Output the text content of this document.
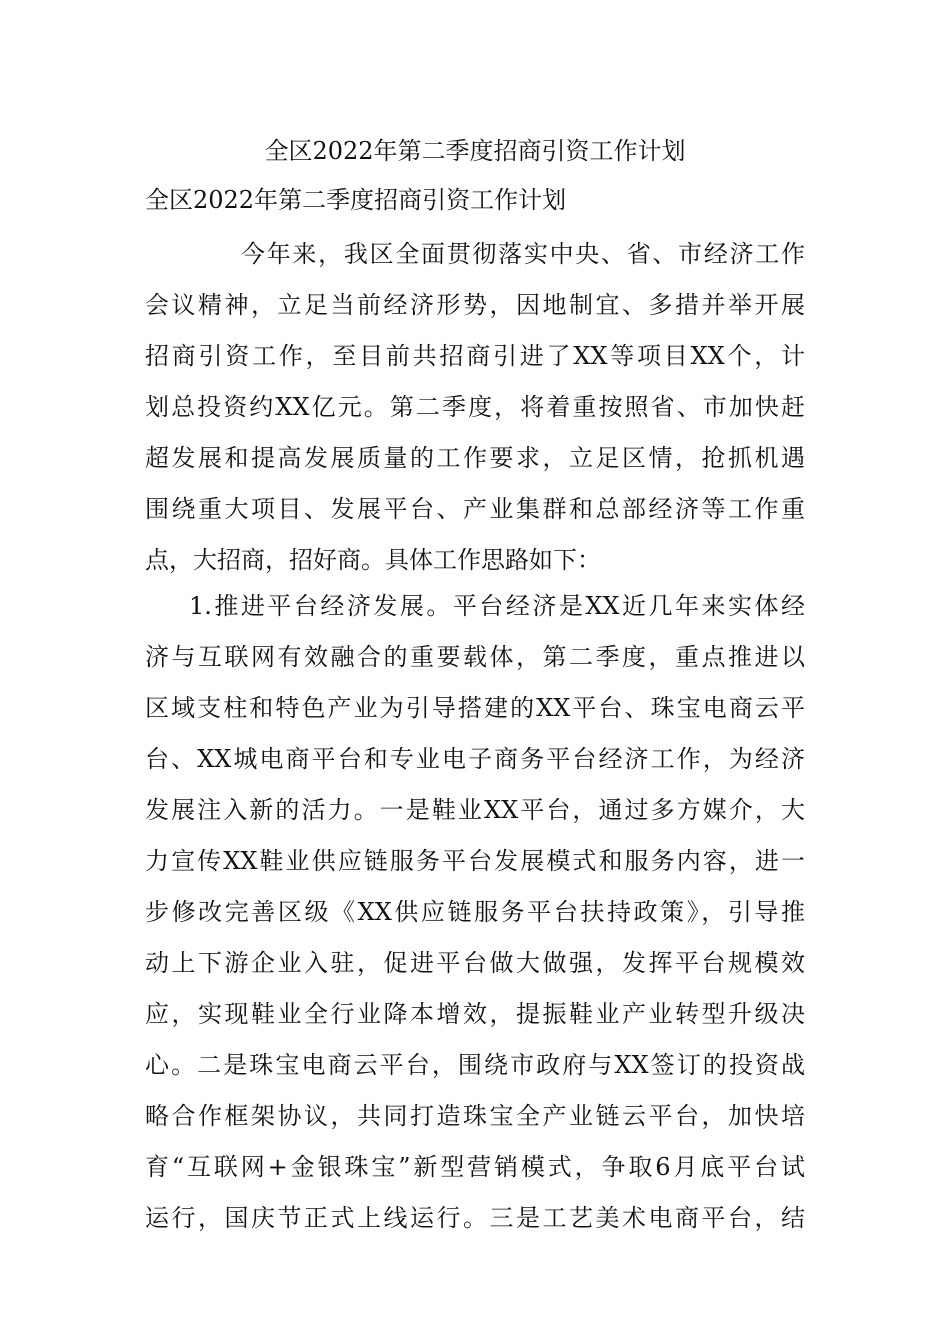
全区2022年第二季度招商引资工作计划
全区2022年第二季度招商引资工作计划
今年来，我区全面贯彻落实中央、省、市经济工作
会议精神，立足当前经济形势，因地制宜、多措并举开展
招商引资工作，至目前共招商引进了XX等项目XX个，计
划总投资约XX亿元。第二季度，将着重按照省、市加快赶
超发展和提高发展质量的工作要求，立足区情，抢抓机遇
围绕重大项目、发展平台、产业集群和总部经济等工作重
点，大招商，招好商。具体工作思路如下：
1.推进平台经济发展。平台经济是XX近几年来实体经
济与互联网有效融合的重要载体，第二季度，重点推进以
区域支柱和特色产业为引导搭建的XX平台、珠宝电商云平
台、XX城电商平台和专业电子商务平台经济工作，为经济
发展注入新的活力。一是鞋业XX平台，通过多方媒介，大
力宣传XX鞋业供应链服务平台发展模式和服务内容，进一
步修改完善区级《XX供应链服务平台扶持政策》，引导推
动上下游企业入驻，促进平台做大做强，发挥平台规模效
应，实现鞋业全行业降本增效，提振鞋业产业转型升级决
心。二是珠宝电商云平台，围绕市政府与XX签订的投资战
略合作框架协议，共同打造珠宝全产业链云平台，加快培
育“互联网+金银珠宝”新型营销模式，争取6月底平台试
运行，国庆节正式上线运行。三是工艺美术电商平台，结
